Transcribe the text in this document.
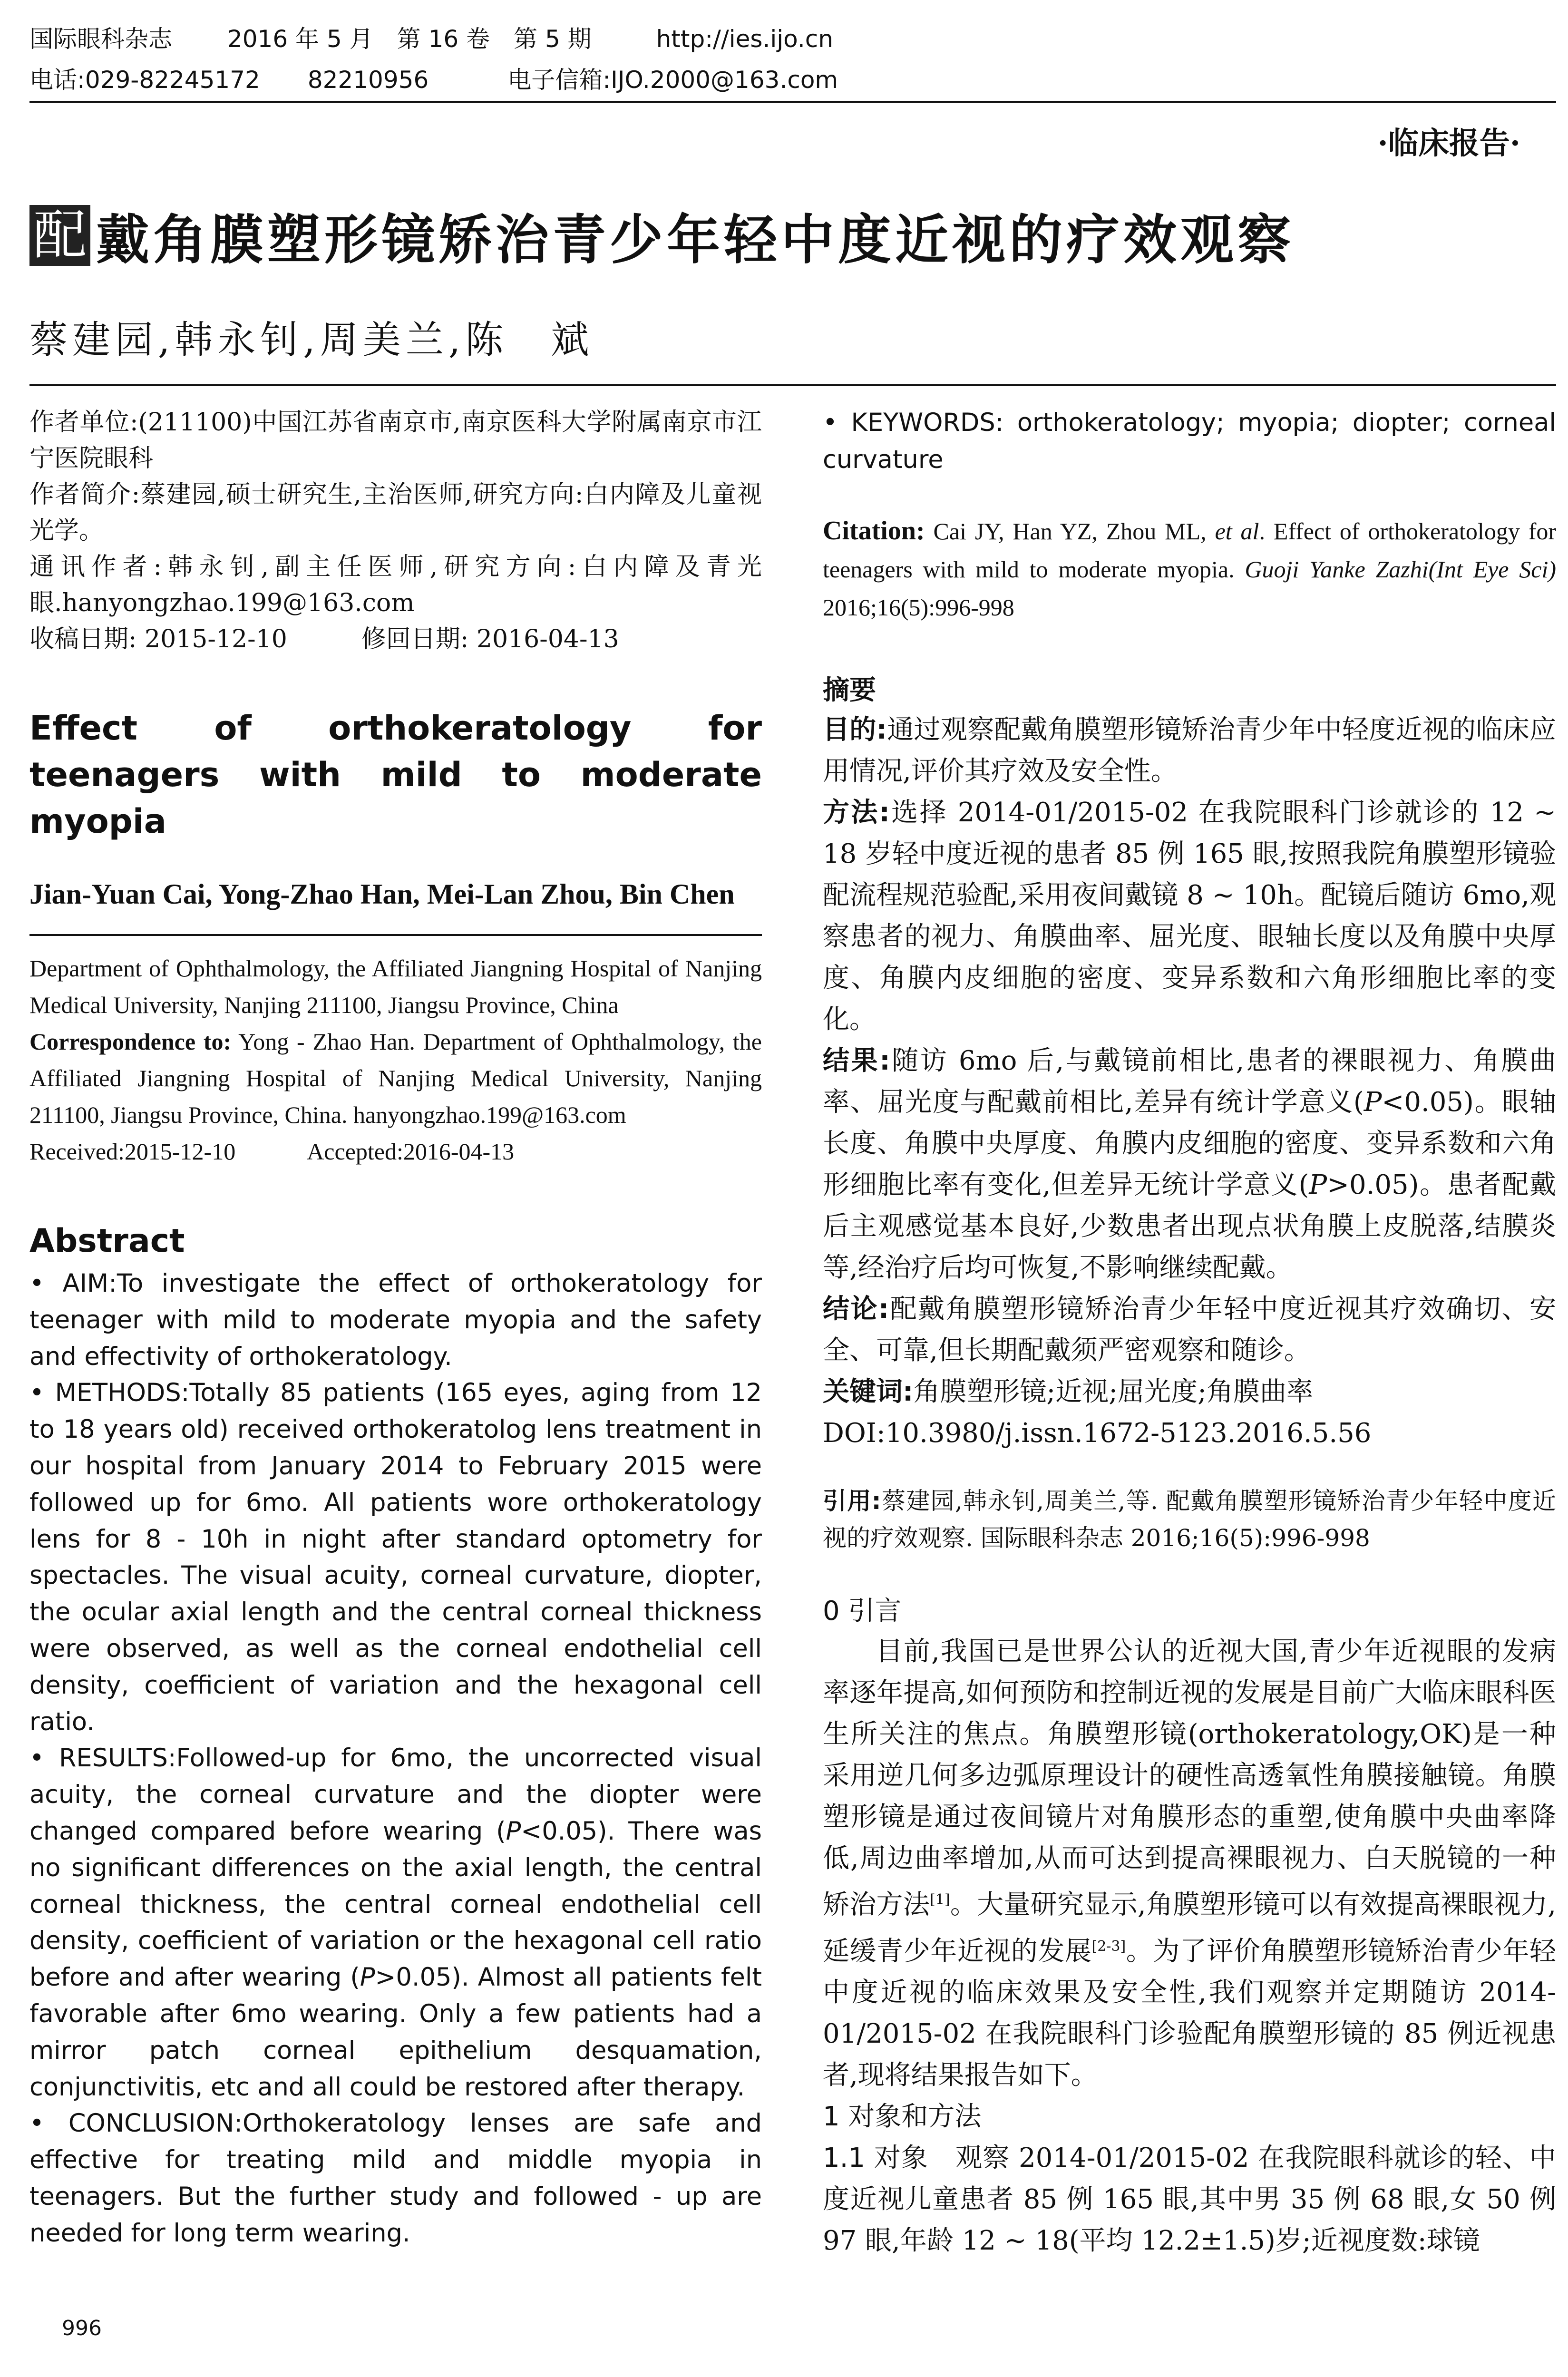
国际眼科杂志 2016 年 5 月　第 16 卷　第 5 期	http://ies.ijo.cn
电话:029-82245172　　82210956	电子信箱:IJO.2000@163.com
·临床报告·
配 戴角膜塑形镜矫治青少年轻中度近视的疗效观察
蔡建园,韩永钊,周美兰,陈　斌

作者单位:(211100)中国江苏省南京市,南京医科大学附属南京市江宁医院眼科

作者简介:蔡建园,硕士研究生,主治医师,研究方向:白内障及儿童视光学。

通讯作者:韩永钊,副主任医师,研究方向:白内障及青光眼.hanyongzhao.199@163.com

收稿日期: 2015-12-10　　　修回日期: 2016-04-13

Effect of orthokeratology for teenagers with mild to moderate myopia
Jian-Yuan Cai, Yong-Zhao Han, Mei-Lan Zhou, Bin Chen

Department of Ophthalmology, the Affiliated Jiangning Hospital of Nanjing Medical University, Nanjing 211100, Jiangsu Province, China

Correspondence to: Yong - Zhao Han. Department of Ophthalmology, the Affiliated Jiangning Hospital of Nanjing Medical University, Nanjing 211100, Jiangsu Province, China. hanyongzhao.199@163.com

Received:2015-12-10　　　Accepted:2016-04-13

Abstract

• AIM:To investigate the effect of orthokeratology for teenager with mild to moderate myopia and the safety and effectivity of orthokeratology.

• METHODS:Totally 85 patients (165 eyes, aging from 12 to 18 years old) received orthokeratolog lens treatment in our hospital from January 2014 to February 2015 were followed up for 6mo. All patients wore orthokeratology lens for 8 - 10h in night after standard optometry for spectacles. The visual acuity, corneal curvature, diopter, the ocular axial length and the central corneal thickness were observed, as well as the corneal endothelial cell density, coefficient of variation and the hexagonal cell ratio.

• RESULTS:Followed-up for 6mo, the uncorrected visual acuity, the corneal curvature and the diopter were changed compared before wearing (P<0.05). There was no significant differences on the axial length, the central corneal thickness, the central corneal endothelial cell density, coefficient of variation or the hexagonal cell ratio before and after wearing (P>0.05). Almost all patients felt favorable after 6mo wearing. Only a few patients had a mirror patch corneal epithelium desquamation, conjunctivitis, etc and all could be restored after therapy.

• CONCLUSION:Orthokeratology lenses are safe and effective for treating mild and middle myopia in teenagers. But the further study and followed - up are needed for long term wearing.

• KEYWORDS: orthokeratology; myopia; diopter; corneal curvature
Citation: Cai JY, Han YZ, Zhou ML, et al. Effect of orthokeratology for teenagers with mild to moderate myopia. Guoji Yanke Zazhi(Int Eye Sci) 2016;16(5):996-998
摘要

目的:通过观察配戴角膜塑形镜矫治青少年中轻度近视的临床应用情况,评价其疗效及安全性。

方法:选择 2014-01/2015-02 在我院眼科门诊就诊的 12 ~ 18 岁轻中度近视的患者 85 例 165 眼,按照我院角膜塑形镜验配流程规范验配,采用夜间戴镜 8 ~ 10h。配镜后随访 6mo,观察患者的视力、角膜曲率、屈光度、眼轴长度以及角膜中央厚度、角膜内皮细胞的密度、变异系数和六角形细胞比率的变化。

结果:随访 6mo 后,与戴镜前相比,患者的裸眼视力、角膜曲率、屈光度与配戴前相比,差异有统计学意义(P<0.05)。眼轴长度、角膜中央厚度、角膜内皮细胞的密度、变异系数和六角形细胞比率有变化,但差异无统计学意义(P>0.05)。患者配戴后主观感觉基本良好,少数患者出现点状角膜上皮脱落,结膜炎等,经治疗后均可恢复,不影响继续配戴。

结论:配戴角膜塑形镜矫治青少年轻中度近视其疗效确切、安全、可靠,但长期配戴须严密观察和随诊。

关键词:角膜塑形镜;近视;屈光度;角膜曲率

DOI:10.3980/j.issn.1672-5123.2016.5.56

引用:蔡建园,韩永钊,周美兰,等. 配戴角膜塑形镜矫治青少年轻中度近视的疗效观察. 国际眼科杂志 2016;16(5):996-998
0 引言

目前,我国已是世界公认的近视大国,青少年近视眼的发病率逐年提高,如何预防和控制近视的发展是目前广大临床眼科医生所关注的焦点。角膜塑形镜(orthokeratology,OK)是一种采用逆几何多边弧原理设计的硬性高透氧性角膜接触镜。角膜塑形镜是通过夜间镜片对角膜形态的重塑,使角膜中央曲率降低,周边曲率增加,从而可达到提高裸眼视力、白天脱镜的一种矫治方法[1]。大量研究显示,角膜塑形镜可以有效提高裸眼视力,延缓青少年近视的发展[2-3]。为了评价角膜塑形镜矫治青少年轻中度近视的临床效果及安全性,我们观察并定期随访 2014-01/2015-02 在我院眼科门诊验配角膜塑形镜的 85 例近视患者,现将结果报告如下。

1 对象和方法

1.1 对象　 观察 2014-01/2015-02 在我院眼科就诊的轻、中度近视儿童患者 85 例 165 眼,其中男 35 例 68 眼,女 50 例 97 眼,年龄 12 ~ 18(平均 12.2±1.5)岁;近视度数:球镜

996
